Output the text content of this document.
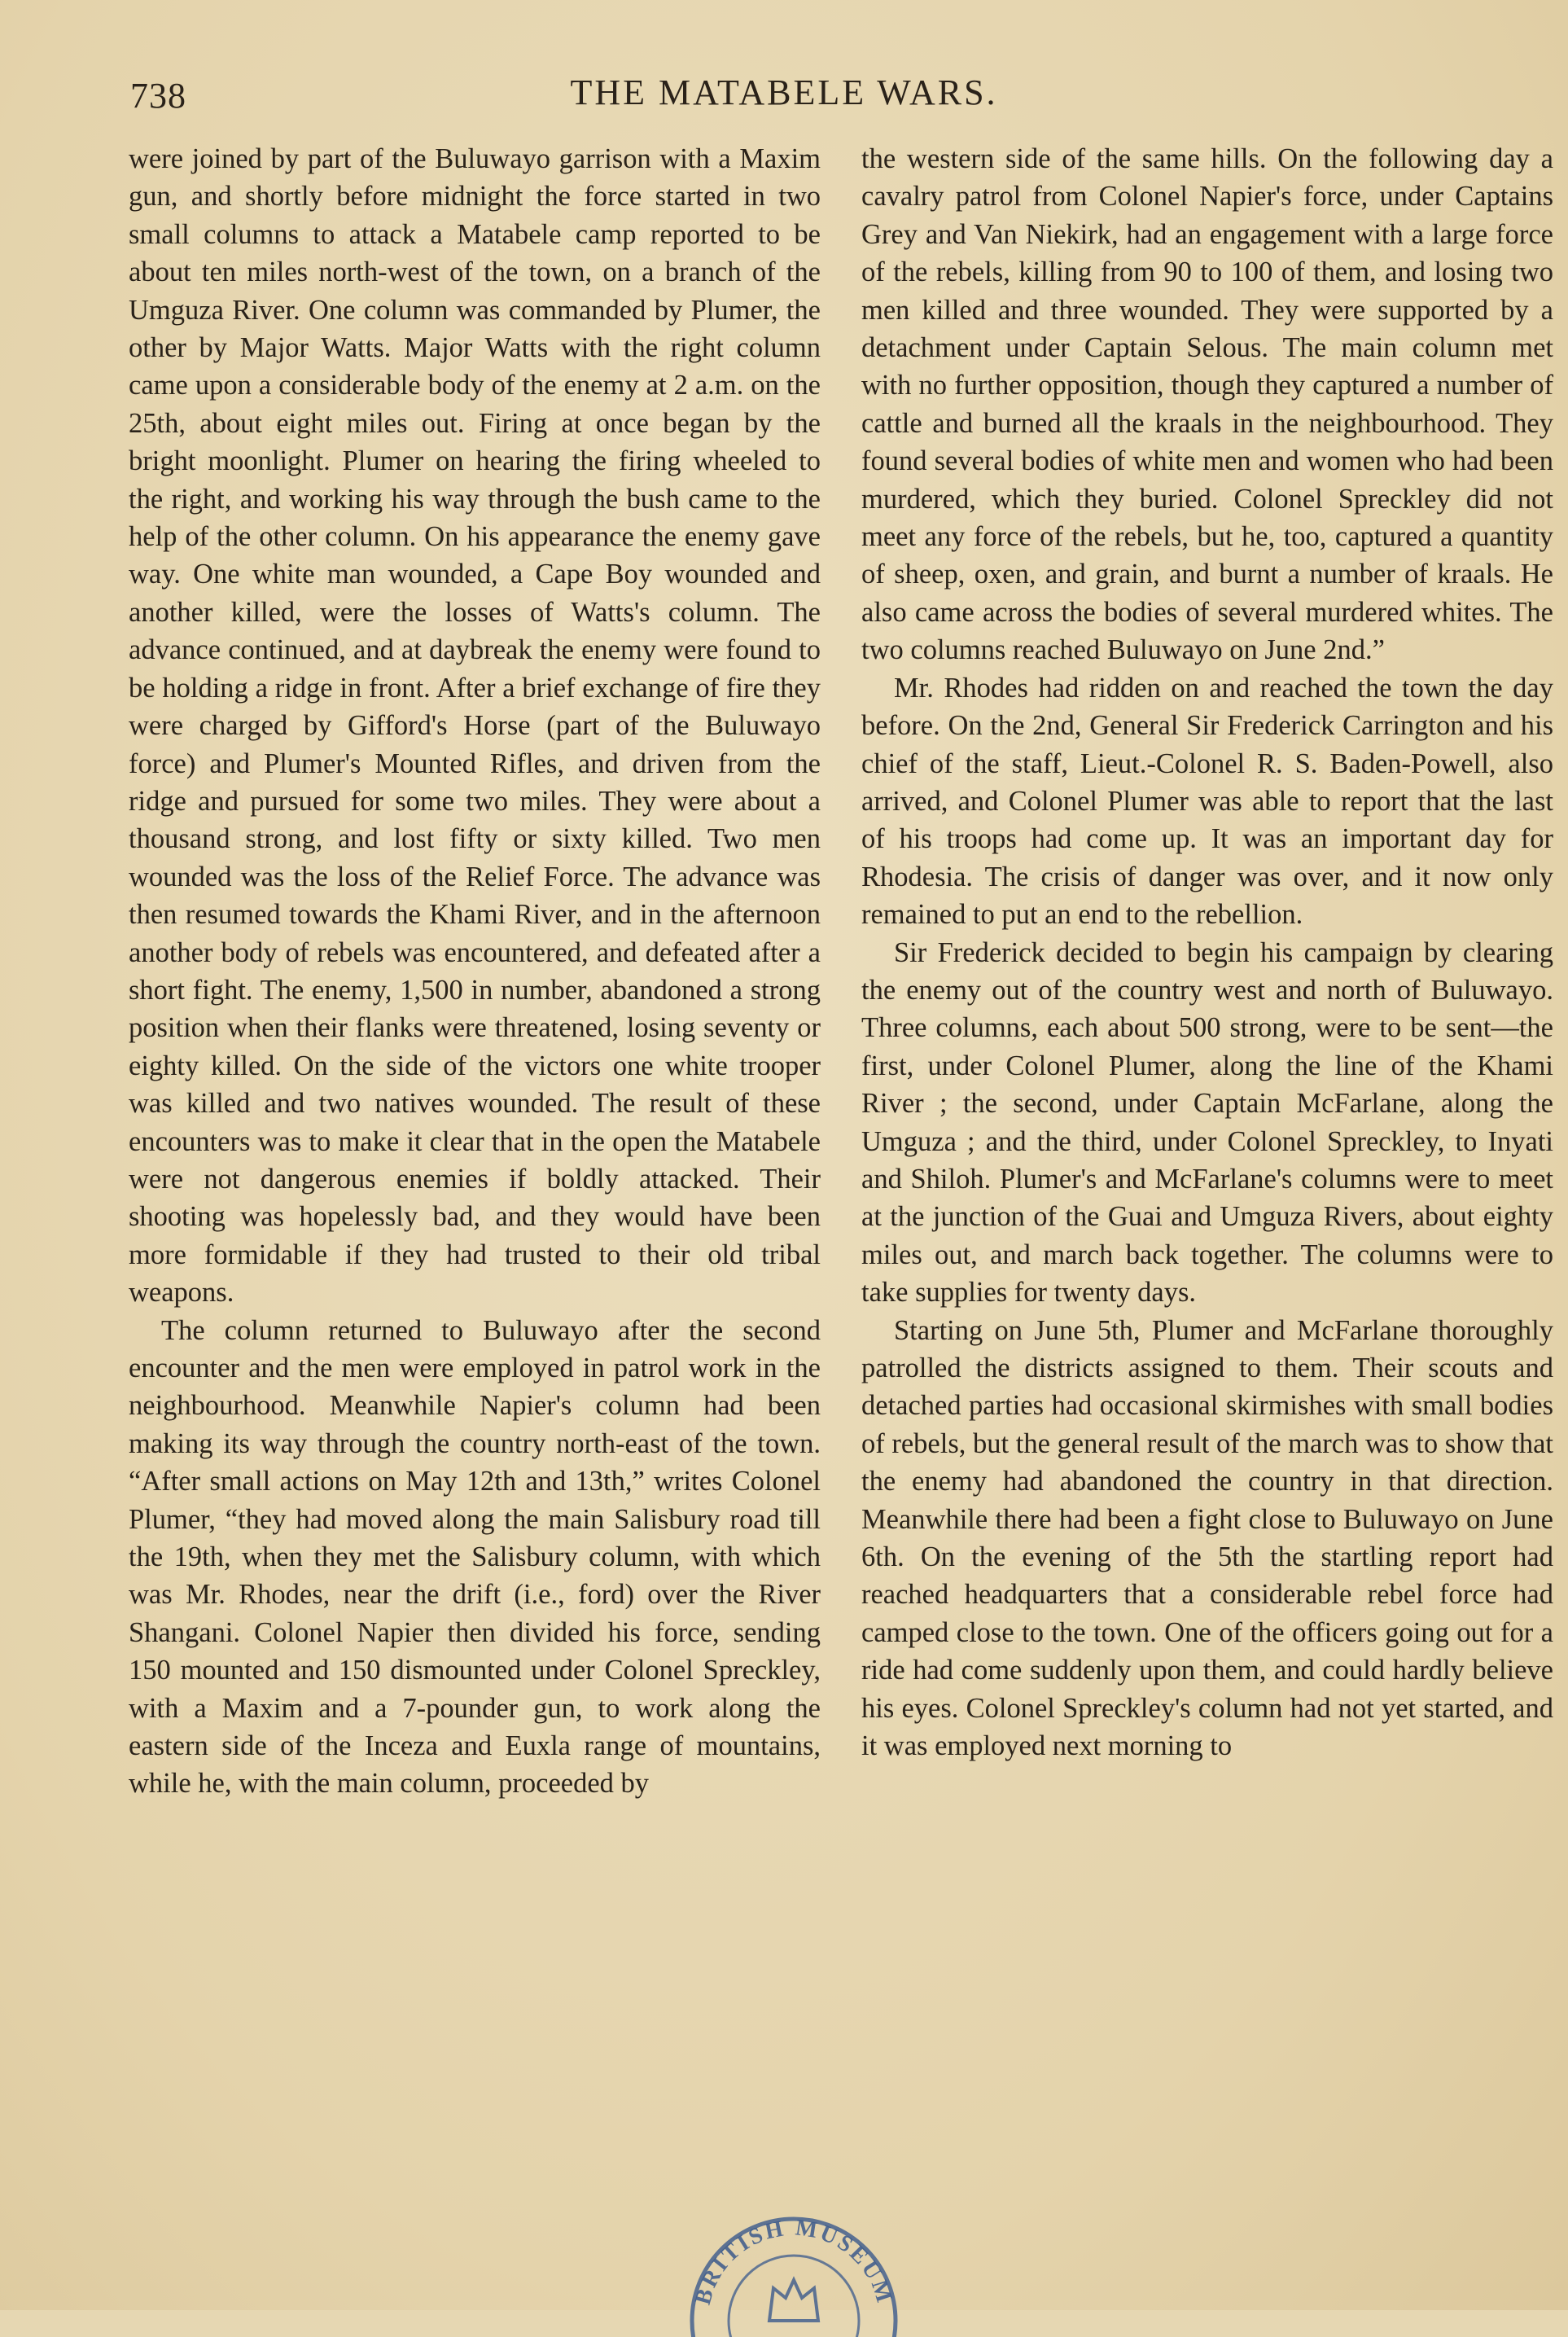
738	THE MATABELE WARS.

were joined by part of the Buluwayo garrison with a Maxim gun, and shortly before midnight the force started in two small columns to attack a Matabele camp reported to be about ten miles north-west of the town, on a branch of the Umguza River. One column was commanded by Plumer, the other by Major Watts. Major Watts with the right column came upon a considerable body of the enemy at 2 a.m. on the 25th, about eight miles out. Firing at once began by the bright moonlight. Plumer on hearing the firing wheeled to the right, and working his way through the bush came to the help of the other column. On his appearance the enemy gave way. One white man wounded, a Cape Boy wounded and another killed, were the losses of Watts's column. The advance continued, and at daybreak the enemy were found to be holding a ridge in front. After a brief exchange of fire they were charged by Gifford's Horse (part of the Buluwayo force) and Plumer's Mounted Rifles, and driven from the ridge and pursued for some two miles. They were about a thousand strong, and lost fifty or sixty killed. Two men wounded was the loss of the Relief Force. The advance was then resumed towards the Khami River, and in the afternoon another body of rebels was encountered, and defeated after a short fight. The enemy, 1,500 in number, abandoned a strong position when their flanks were threatened, losing seventy or eighty killed. On the side of the victors one white trooper was killed and two natives wounded. The result of these encounters was to make it clear that in the open the Matabele were not dangerous enemies if boldly attacked. Their shooting was hopelessly bad, and they would have been more formidable if they had trusted to their old tribal weapons.

The column returned to Buluwayo after the second encounter and the men were employed in patrol work in the neighbourhood. Meanwhile Napier's column had been making its way through the country north-east of the town. “After small actions on May 12th and 13th,” writes Colonel Plumer, “they had moved along the main Salisbury road till the 19th, when they met the Salisbury column, with which was Mr. Rhodes, near the drift (i.e., ford) over the River Shangani. Colonel Napier then divided his force, sending 150 mounted and 150 dismounted under Colonel Spreckley, with a Maxim and a 7-pounder gun, to work along the eastern side of the Inceza and Euxla range of mountains, while he, with the main column, proceeded by

the western side of the same hills. On the following day a cavalry patrol from Colonel Napier's force, under Captains Grey and Van Niekirk, had an engagement with a large force of the rebels, killing from 90 to 100 of them, and losing two men killed and three wounded. They were supported by a detachment under Captain Selous. The main column met with no further opposition, though they captured a number of cattle and burned all the kraals in the neighbourhood. They found several bodies of white men and women who had been murdered, which they buried. Colonel Spreckley did not meet any force of the rebels, but he, too, captured a quantity of sheep, oxen, and grain, and burnt a number of kraals. He also came across the bodies of several murdered whites. The two columns reached Buluwayo on June 2nd.”

Mr. Rhodes had ridden on and reached the town the day before. On the 2nd, General Sir Frederick Carrington and his chief of the staff, Lieut.-Colonel R. S. Baden-Powell, also arrived, and Colonel Plumer was able to report that the last of his troops had come up. It was an important day for Rhodesia. The crisis of danger was over, and it now only remained to put an end to the rebellion.

Sir Frederick decided to begin his campaign by clearing the enemy out of the country west and north of Buluwayo. Three columns, each about 500 strong, were to be sent—the first, under Colonel Plumer, along the line of the Khami River ; the second, under Captain McFarlane, along the Umguza ; and the third, under Colonel Spreckley, to Inyati and Shiloh. Plumer's and McFarlane's columns were to meet at the junction of the Guai and Umguza Rivers, about eighty miles out, and march back together. The columns were to take supplies for twenty days.

Starting on June 5th, Plumer and McFarlane thoroughly patrolled the districts assigned to them. Their scouts and detached parties had occasional skirmishes with small bodies of rebels, but the general result of the march was to show that the enemy had abandoned the country in that direction. Meanwhile there had been a fight close to Buluwayo on June 6th. On the evening of the 5th the startling report had reached headquarters that a considerable rebel force had camped close to the town. One of the officers going out for a ride had come suddenly upon them, and could hardly believe his eyes. Colonel Spreckley's column had not yet started, and it was employed next morning to

BRITISH MUSEUM
